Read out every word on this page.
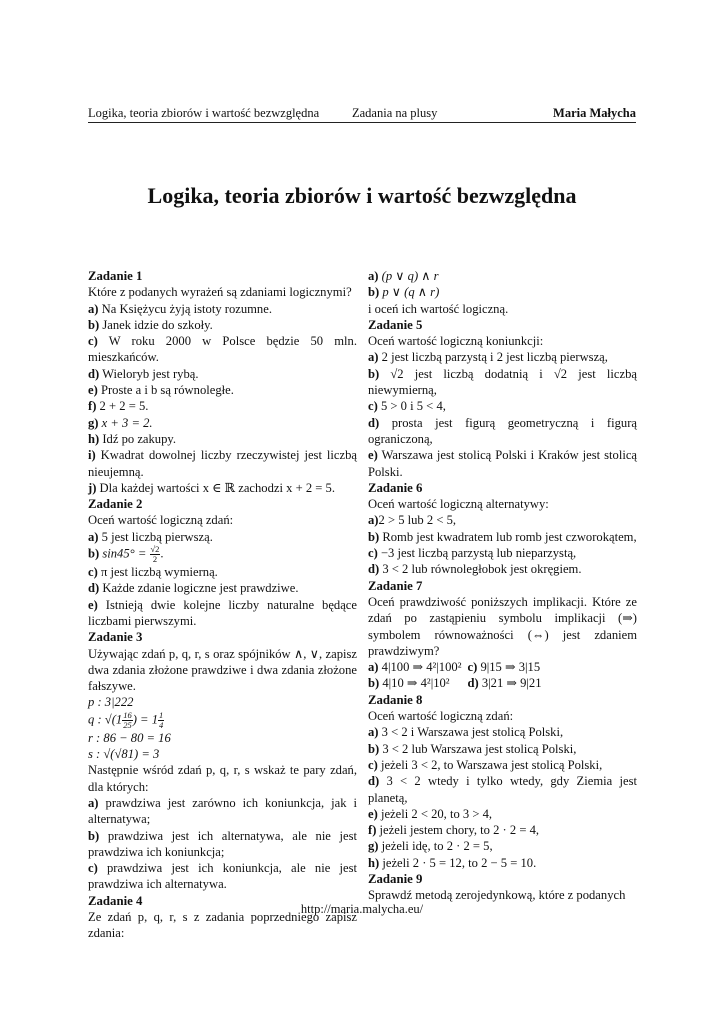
Logika, teoria zbiorów i wartość bezwzględna	Zadania na plusy	Maria Małycha
Logika, teoria zbiorów i wartość bezwzględna
Zadanie 1

Które z podanych wyrażeń są zdaniami logicznymi?

a) Na Księżycu żyją istoty rozumne.

b) Janek idzie do szkoły.

c) W roku 2000 w Polsce będzie 50 mln. mieszkańców.

d) Wieloryb jest rybą.

e) Proste a i b są równoległe.

f) 2 + 2 = 5.

g) x + 3 = 2.

h) Idź po zakupy.

i) Kwadrat dowolnej liczby rzeczywistej jest liczbą nieujemną.

j) Dla każdej wartości x ∈ ℝ zachodzi x + 2 = 5.

Zadanie 2

Oceń wartość logiczną zdań:

a) 5 jest liczbą pierwszą.

b) $\sin 45^\circ = \frac{√2}{2}$ .

c) π jest liczbą wymierną.

d) Każde zdanie logiczne jest prawdziwe.

e) Istnieją dwie kolejne liczby naturalne będące liczbami pierwszymi.

Zadanie 3

Używając zdań p, q, r, s oraz spójników ∧, ∨, zapisz dwa zdania złożone prawdziwe i dwa zdania złożone fałszywe.

p : 3|222

q : $√(1 \frac{16}{25}$ ) = $1 \frac{1}{4}$

r : 86 − 80 = 16

s : √(√81) = 3

Następnie wśród zdań p, q, r, s wskaż te pary zdań, dla których:

a) prawdziwa jest zarówno ich koniunkcja, jak i alternatywa;

b) prawdziwa jest ich alternatywa, ale nie jest prawdziwa ich koniunkcja;

c) prawdziwa jest ich koniunkcja, ale nie jest prawdziwa ich alternatywa.

Zadanie 4

Ze zdań p, q, r, s z zadania poprzedniego zapisz zdania:

a) (p ∨ q) ∧ r

b) p ∨ (q ∧ r)

i oceń ich wartość logiczną.

Zadanie 5

Oceń wartość logiczną koniunkcji:

a) 2 jest liczbą parzystą i 2 jest liczbą pierwszą,

b) √2 jest liczbą dodatnią i √2 jest liczbą niewymierną,

c) 5 > 0 i 5 < 4,

d) prosta jest figurą geometryczną i figurą ograniczoną,

e) Warszawa jest stolicą Polski i Kraków jest stolicą Polski.

Zadanie 6

Oceń wartość logiczną alternatywy:

a)2 > 5 lub 2 < 5,

b) Romb jest kwadratem lub romb jest czworokątem,

c) −3 jest liczbą parzystą lub nieparzystą,

d) 3 < 2 lub równoległobok jest okręgiem.

Zadanie 7

Oceń prawdziwość poniższych implikacji. Które ze zdań po zastąpieniu symbolu implikacji (⇒) symbolem równoważności (⇔) jest zdaniem prawdziwym?

a) 4|100 ⇒ 4²|100²	c) 9|15 ⇒ 3|15
b) 4|10 ⇒ 4²|10²	d) 3|21 ⇒ 9|21
Zadanie 8

Oceń wartość logiczną zdań:

a) 3 < 2 i Warszawa jest stolicą Polski,

b) 3 < 2 lub Warszawa jest stolicą Polski,

c) jeżeli 3 < 2, to Warszawa jest stolicą Polski,

d) 3 < 2 wtedy i tylko wtedy, gdy Ziemia jest planetą,

e) jeżeli 2 < 20, to 3 > 4,

f) jeżeli jestem chory, to 2 · 2 = 4,

g) jeżeli idę, to 2 · 2 = 5,

h) jeżeli 2 · 5 = 12, to 2 − 5 = 10.

Zadanie 9

Sprawdź metodą zerojedynkową, które z podanych

http://maria.malycha.eu/
